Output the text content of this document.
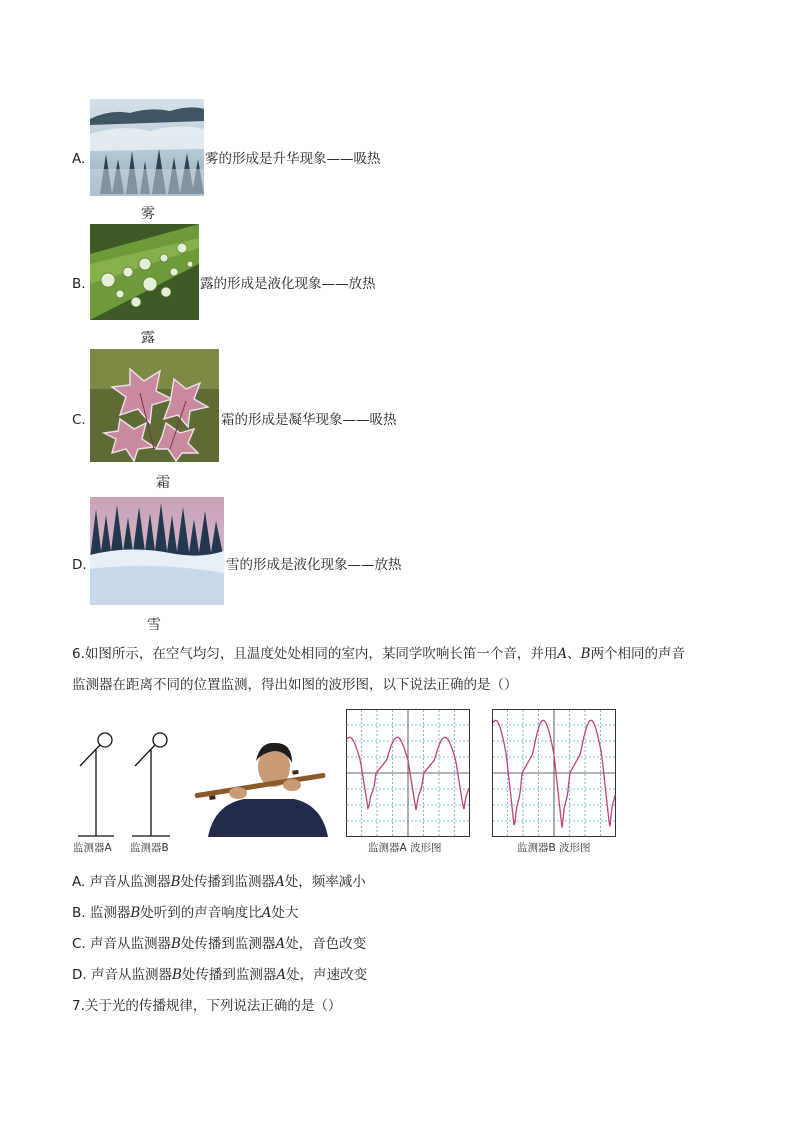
A.
雾
雾的形成是升华现象——吸热
B.
露
露的形成是液化现象——放热
C.
霜
霜的形成是凝华现象——吸热
D.
雪
雪的形成是液化现象——放热
6.如图所示，在空气均匀，且温度处处相同的室内，某同学吹响长笛一个音，并用A、B两个相同的声音
监测器在距离不同的位置监测，得出如图的波形图，以下说法正确的是（）
监测器A 监测器B	监测器A 波形图	监测器B 波形图
A. 声音从监测器B处传播到监测器A处，频率减小
B. 监测器B处听到的声音响度比A处大
C. 声音从监测器B处传播到监测器A处，音色改变
D. 声音从监测器B处传播到监测器A处，声速改变
7.关于光的传播规律，下列说法正确的是（）
